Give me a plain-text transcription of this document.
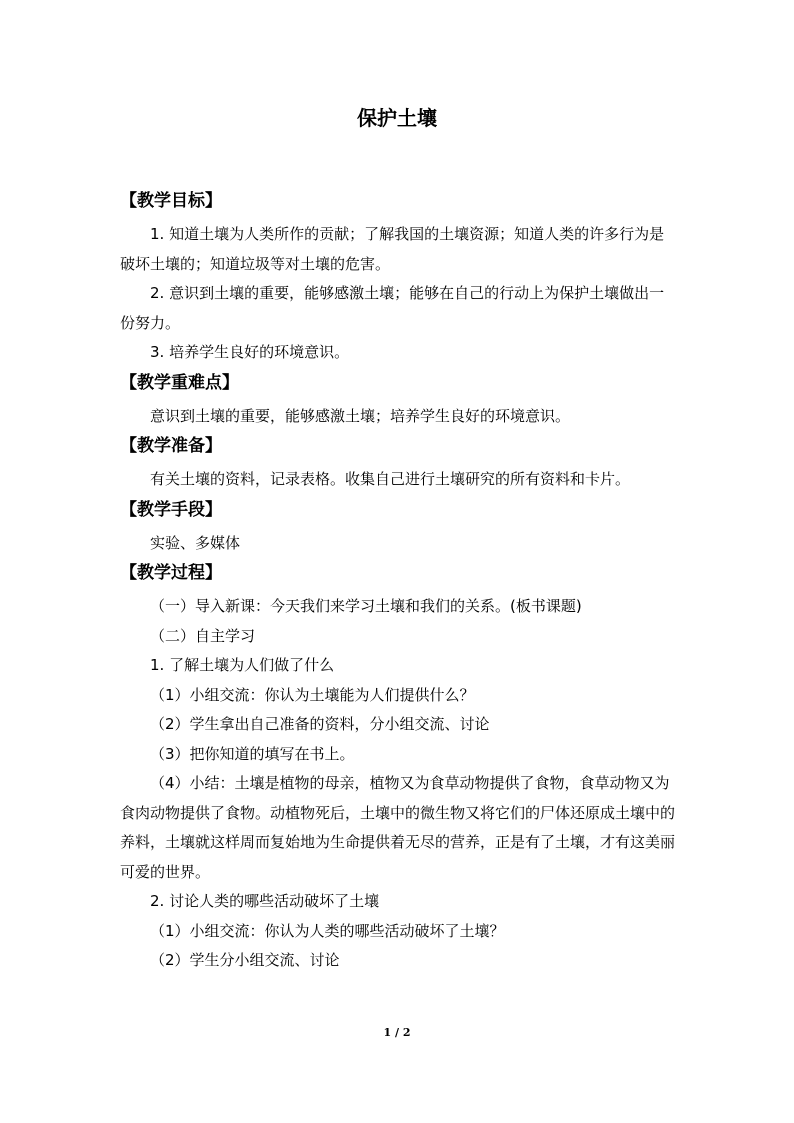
保护土壤
【教学目标】

1. 知道土壤为人类所作的贡献；了解我国的土壤资源；知道人类的许多行为是破坏土壤的；知道垃圾等对土壤的危害。

2. 意识到土壤的重要，能够感激土壤；能够在自己的行动上为保护土壤做出一份努力。

3. 培养学生良好的环境意识。

【教学重难点】

意识到土壤的重要，能够感激土壤；培养学生良好的环境意识。

【教学准备】

有关土壤的资料，记录表格。收集自己进行土壤研究的所有资料和卡片。

【教学手段】

实验、多媒体

【教学过程】

（一）导入新课：今天我们来学习土壤和我们的关系。(板书课题)

（二）自主学习

1. 了解土壤为人们做了什么

（1）小组交流：你认为土壤能为人们提供什么？

（2）学生拿出自己准备的资料，分小组交流、讨论

（3）把你知道的填写在书上。

（4）小结：土壤是植物的母亲，植物又为食草动物提供了食物，食草动物又为食肉动物提供了食物。动植物死后，土壤中的微生物又将它们的尸体还原成土壤中的养料，土壤就这样周而复始地为生命提供着无尽的营养，正是有了土壤，才有这美丽可爱的世界。

2. 讨论人类的哪些活动破坏了土壤

（1）小组交流：你认为人类的哪些活动破坏了土壤？

（2）学生分小组交流、讨论

1 / 2
